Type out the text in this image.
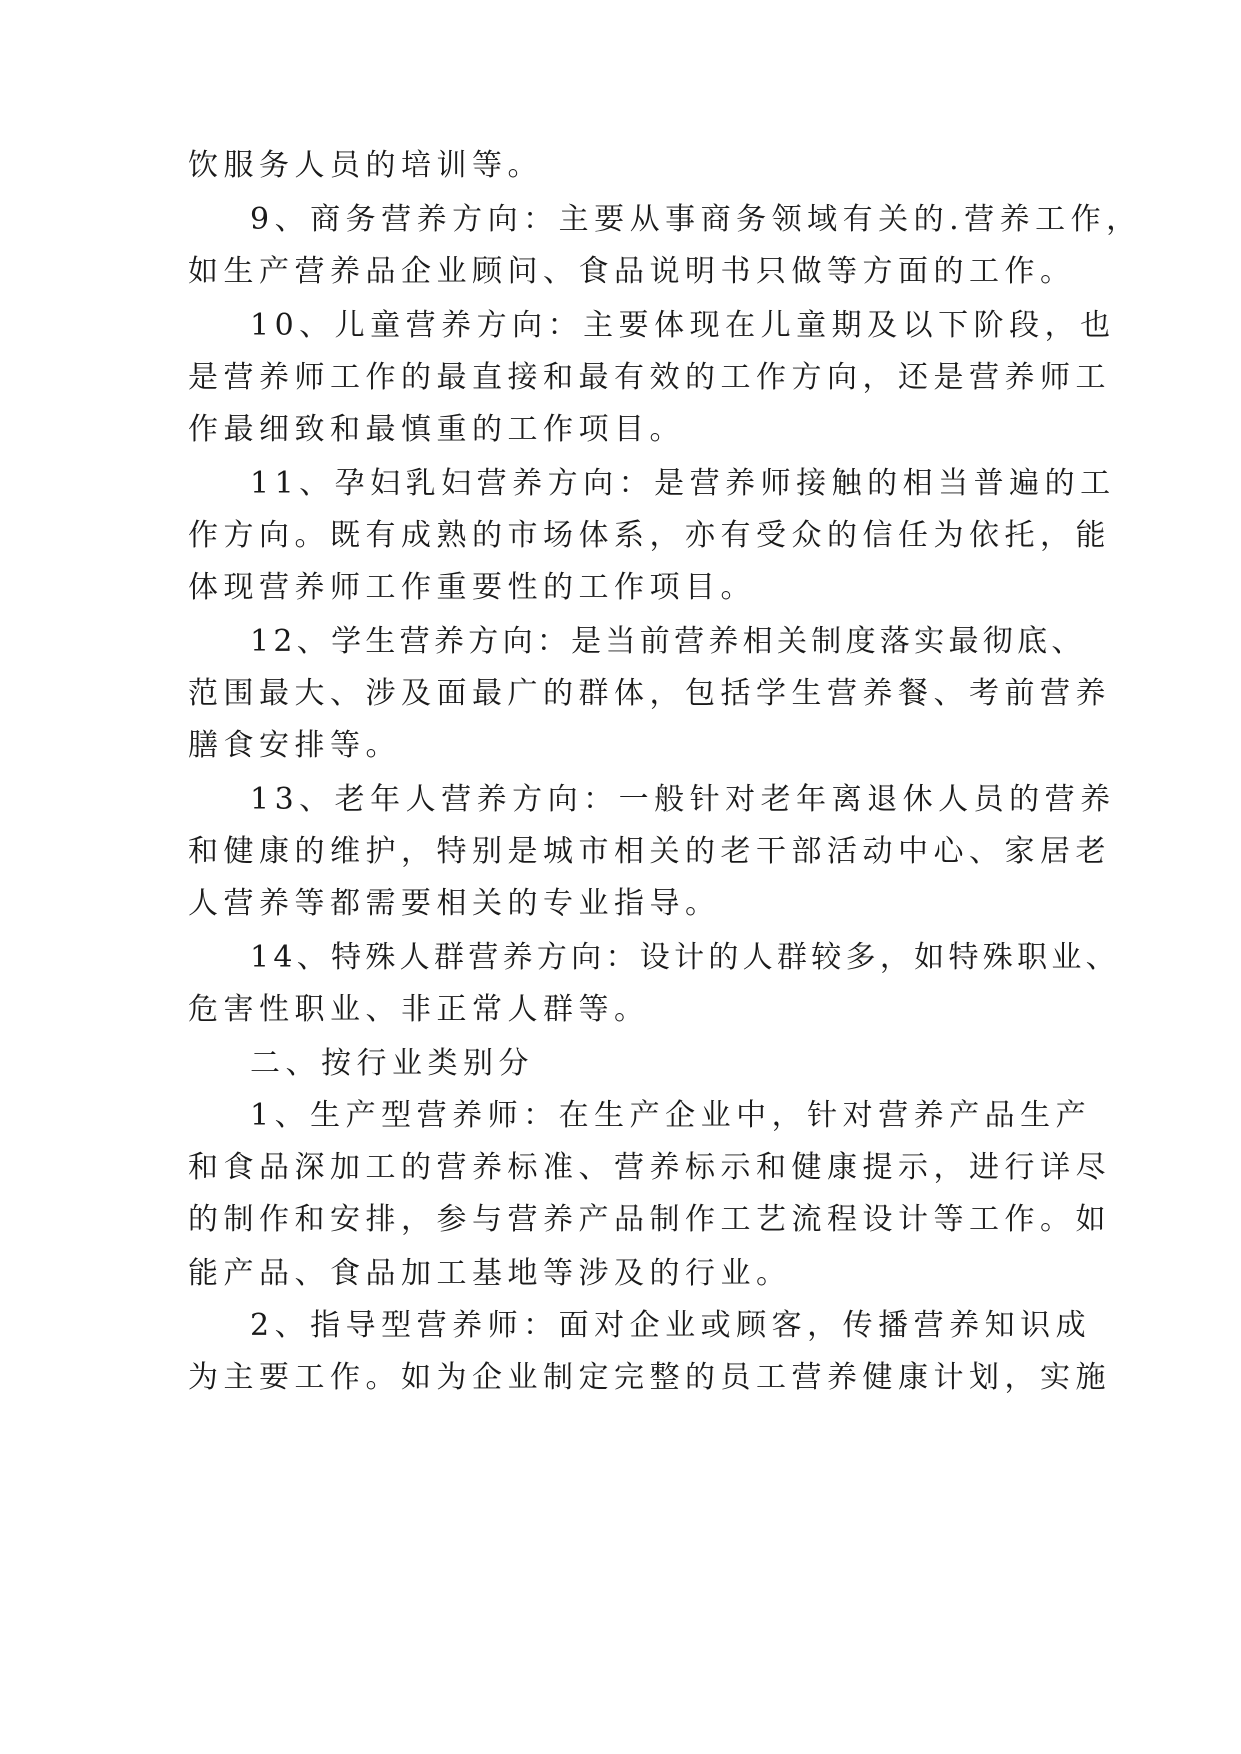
饮服务人员的培训等。
9、商务营养方向：主要从事商务领域有关的.营养工作，
如生产营养品企业顾问、食品说明书只做等方面的工作。
10、儿童营养方向：主要体现在儿童期及以下阶段，也
是营养师工作的最直接和最有效的工作方向，还是营养师工
作最细致和最慎重的工作项目。
11、孕妇乳妇营养方向：是营养师接触的相当普遍的工
作方向。既有成熟的市场体系，亦有受众的信任为依托，能
体现营养师工作重要性的工作项目。
12、学生营养方向：是当前营养相关制度落实最彻底、
范围最大、涉及面最广的群体，包括学生营养餐、考前营养
膳食安排等。
13、老年人营养方向：一般针对老年离退休人员的营养
和健康的维护，特别是城市相关的老干部活动中心、家居老
人营养等都需要相关的专业指导。
14、特殊人群营养方向：设计的人群较多，如特殊职业、
危害性职业、非正常人群等。
二、按行业类别分
1、生产型营养师：在生产企业中，针对营养产品生产
和食品深加工的营养标准、营养标示和健康提示，进行详尽
的制作和安排，参与营养产品制作工艺流程设计等工作。如
能产品、食品加工基地等涉及的行业。
2、指导型营养师：面对企业或顾客，传播营养知识成
为主要工作。如为企业制定完整的员工营养健康计划，实施
